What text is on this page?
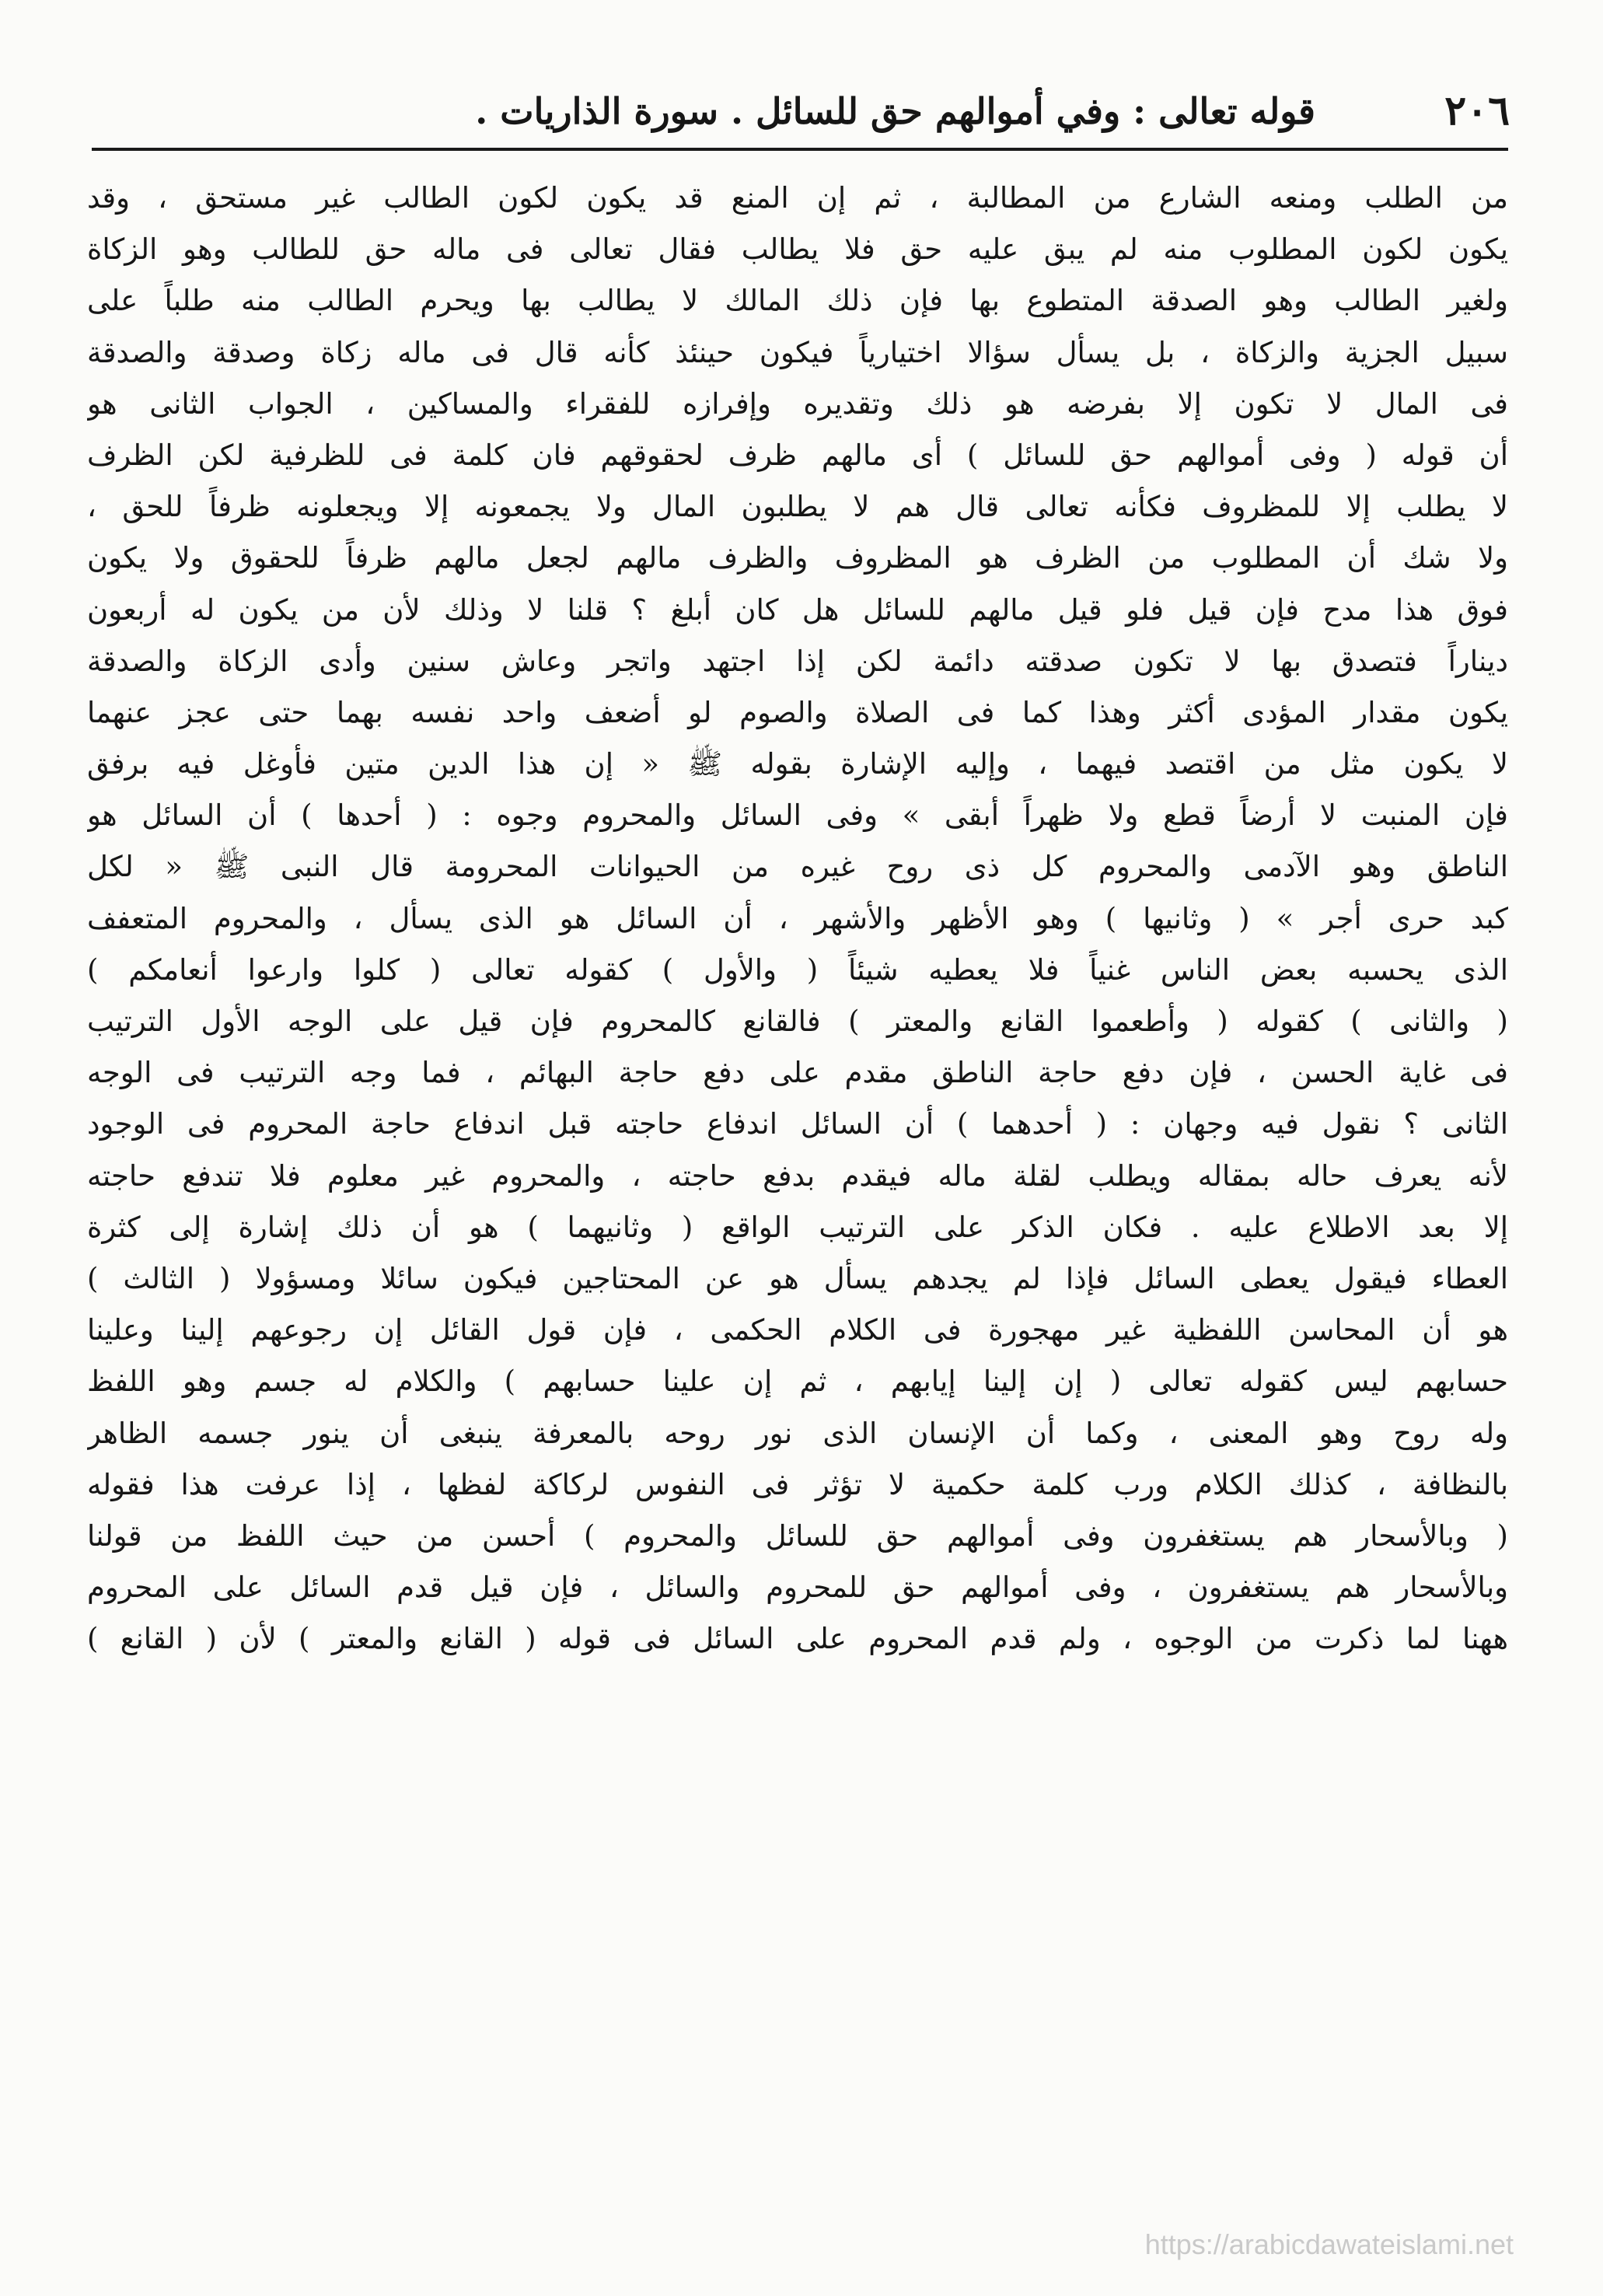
٢٠٦
قوله تعالى : وفي أموالهم حق للسائل . سورة الذاريات .
من الطلب ومنعه الشارع من المطالبة ، ثم إن المنع قد يكون لكون الطالب غير مستحق ، وقد
يكون لكون المطلوب منه لم يبق عليه حق فلا يطالب فقال تعالى فى ماله حق للطالب وهو الزكاة
ولغير الطالب وهو الصدقة المتطوع بها فإن ذلك المالك لا يطالب بها ويحرم الطالب منه طلباً على
سبيل الجزية والزكاة ، بل يسأل سؤالا اختيارياً فيكون حينئذ كأنه قال فى ماله زكاة وصدقة والصدقة
فى المال لا تكون إلا بفرضه هو ذلك وتقديره وإفرازه للفقراء والمساكين ، الجواب الثانى هو
أن قوله ( وفى أموالهم حق للسائل ) أى مالهم ظرف لحقوقهم فان كلمة فى للظرفية لكن الظرف
لا يطلب إلا للمظروف فكأنه تعالى قال هم لا يطلبون المال ولا يجمعونه إلا ويجعلونه ظرفاً للحق ،
ولا شك أن المطلوب من الظرف هو المظروف والظرف مالهم لجعل مالهم ظرفاً للحقوق ولا يكون
فوق هذا مدح فإن قيل فلو قيل مالهم للسائل هل كان أبلغ ؟ قلنا لا وذلك لأن من يكون له أربعون
ديناراً فتصدق بها لا تكون صدقته دائمة لكن إذا اجتهد واتجر وعاش سنين وأدى الزكاة والصدقة
يكون مقدار المؤدى أكثر وهذا كما فى الصلاة والصوم لو أضعف واحد نفسه بهما حتى عجز عنهما
لا يكون مثل من اقتصد فيهما ، وإليه الإشارة بقوله ﷺ « إن هذا الدين متين فأوغل فيه برفق
فإن المنبت لا أرضاً قطع ولا ظهراً أبقى » وفى السائل والمحروم وجوه : ( أحدها ) أن السائل هو
الناطق وهو الآدمى والمحروم كل ذى روح غيره من الحيوانات المحرومة قال النبى ﷺ « لكل
كبد حرى أجر » ( وثانيها ) وهو الأظهر والأشهر ، أن السائل هو الذى يسأل ، والمحروم المتعفف
الذى يحسبه بعض الناس غنياً فلا يعطيه شيئاً ( والأول ) كقوله تعالى ( كلوا وارعوا أنعامكم )
( والثانى ) كقوله ( وأطعموا القانع والمعتر ) فالقانع كالمحروم فإن قيل على الوجه الأول الترتيب
فى غاية الحسن ، فإن دفع حاجة الناطق مقدم على دفع حاجة البهائم ، فما وجه الترتيب فى الوجه
الثانى ؟ نقول فيه وجهان : ( أحدهما ) أن السائل اندفاع حاجته قبل اندفاع حاجة المحروم فى الوجود
لأنه يعرف حاله بمقاله ويطلب لقلة ماله فيقدم بدفع حاجته ، والمحروم غير معلوم فلا تندفع حاجته
إلا بعد الاطلاع عليه . فكان الذكر على الترتيب الواقع ( وثانيهما ) هو أن ذلك إشارة إلى كثرة
العطاء فيقول يعطى السائل فإذا لم يجدهم يسأل هو عن المحتاجين فيكون سائلا ومسؤولا ( الثالث )
هو أن المحاسن اللفظية غير مهجورة فى الكلام الحكمى ، فإن قول القائل إن رجوعهم إلينا وعلينا
حسابهم ليس كقوله تعالى ( إن إلينا إيابهم ، ثم إن علينا حسابهم ) والكلام له جسم وهو اللفظ
وله روح وهو المعنى ، وكما أن الإنسان الذى نور روحه بالمعرفة ينبغى أن ينور جسمه الظاهر
بالنظافة ، كذلك الكلام ورب كلمة حكمية لا تؤثر فى النفوس لركاكة لفظها ، إذا عرفت هذا فقوله
( وبالأسحار هم يستغفرون وفى أموالهم حق للسائل والمحروم ) أحسن من حيث اللفظ من قولنا
وبالأسحار هم يستغفرون ، وفى أموالهم حق للمحروم والسائل ، فإن قيل قدم السائل على المحروم
ههنا لما ذكرت من الوجوه ، ولم قدم المحروم على السائل فى قوله ( القانع والمعتر ) لأن ( القانع )
https://arabicdawateislami.net
